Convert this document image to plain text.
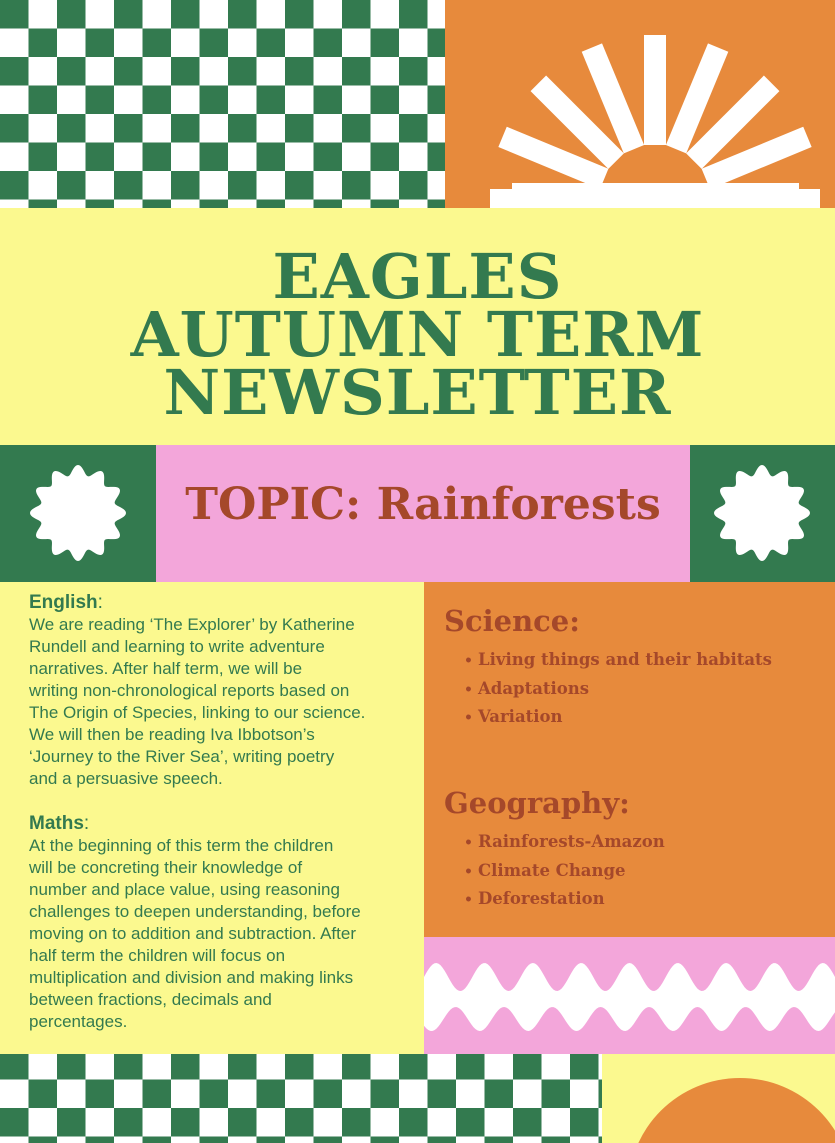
EAGLES
AUTUMN TERM
NEWSLETTER
TOPIC: Rainforests
English:
We are reading ‘The Explorer’ by Katherine
Rundell and learning to write adventure
narratives. After half term, we will be
writing non-chronological reports based on
The Origin of Species, linking to our science.
We will then be reading Iva Ibbotson’s
‘Journey to the River Sea’, writing poetry
and a persuasive speech.
Maths:
At the beginning of this term the children
will be concreting their knowledge of
number and place value, using reasoning
challenges to deepen understanding, before
moving on to addition and subtraction. After
half term the children will focus on
multiplication and division and making links
between fractions, decimals and
percentages.
Science:
• Living things and their habitats
• Adaptations
• Variation
Geography:
• Rainforests-Amazon
• Climate Change
• Deforestation
